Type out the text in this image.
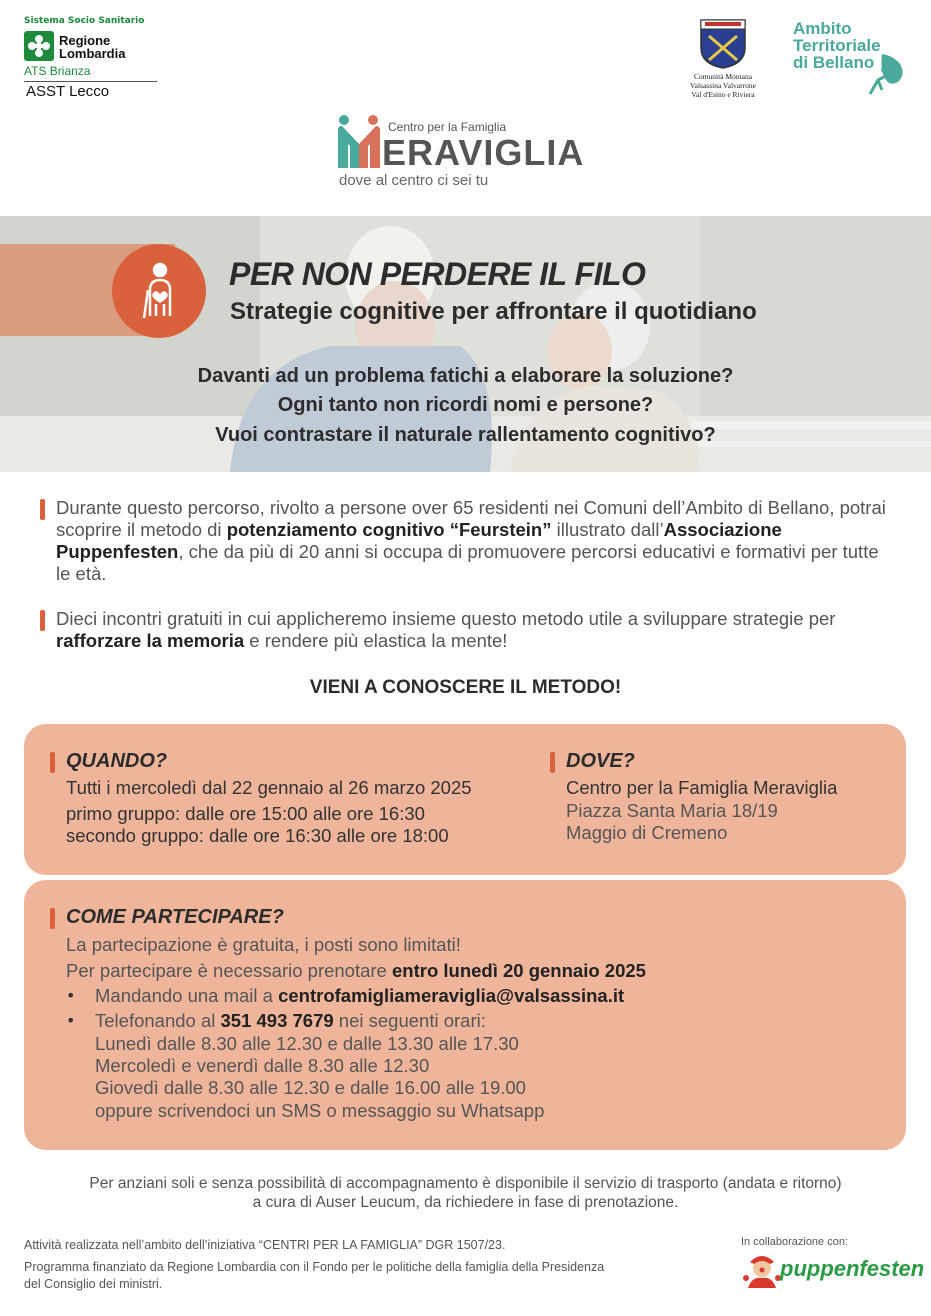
Sistema Socio Sanitario
Regione
Lombardia
ATS Brianza
ASST Lecco
Comunità Montana
Valsassina Valvarrone
Val d'Esino e Riviera
Ambito
Territoriale
di Bellano
Centro per la Famiglia
ERAVIGLIA
dove al centro ci sei tu
PER NON PERDERE IL FILO
Strategie cognitive per affrontare il quotidiano
Davanti ad un problema fatichi a elaborare la soluzione?
Ogni tanto non ricordi nomi e persone?
Vuoi contrastare il naturale rallentamento cognitivo?
Durante questo percorso, rivolto a persone over 65 residenti nei Comuni dell’Ambito di Bellano, potrai scoprire il metodo di potenziamento cognitivo “Feurstein” illustrato dall’Associazione Puppenfesten, che da più di 20 anni si occupa di promuovere percorsi educativi e formativi per tutte le età.
Dieci incontri gratuiti in cui applicheremo insieme questo metodo utile a sviluppare strategie per rafforzare la memoria e rendere più elastica la mente!
VIENI A CONOSCERE IL METODO!
QUANDO?
Tutti i mercoledì dal 22 gennaio al 26 marzo 2025
primo gruppo: dalle ore 15:00 alle ore 16:30
secondo gruppo: dalle ore 16:30 alle ore 18:00
DOVE?
Centro per la Famiglia Meraviglia
Piazza Santa Maria 18/19
Maggio di Cremeno
COME PARTECIPARE?
La partecipazione è gratuita, i posti sono limitati!
Per partecipare è necessario prenotare entro lunedì 20 gennaio 2025
• Mandando una mail a centrofamigliameraviglia@valsassina.it
• Telefonando al 351 493 7679 nei seguenti orari:
Lunedì dalle 8.30 alle 12.30 e dalle 13.30 alle 17.30
Mercoledì e venerdì dalle 8.30 alle 12.30
Giovedì dalle 8.30 alle 12.30 e dalle 16.00 alle 19.00
oppure scrivendoci un SMS o messaggio su Whatsapp
Per anziani soli e senza possibilità di accompagnamento è disponibile il servizio di trasporto (andata e ritorno)
a cura di Auser Leucum, da richiedere in fase di prenotazione.
Attività realizzata nell’ambito dell’iniziativa “CENTRI PER LA FAMIGLIA” DGR 1507/23.
Programma finanziato da Regione Lombardia con il Fondo per le politiche della famiglia della Presidenza
del Consiglio dei ministri.
In collaborazione con:
puppenfesten
